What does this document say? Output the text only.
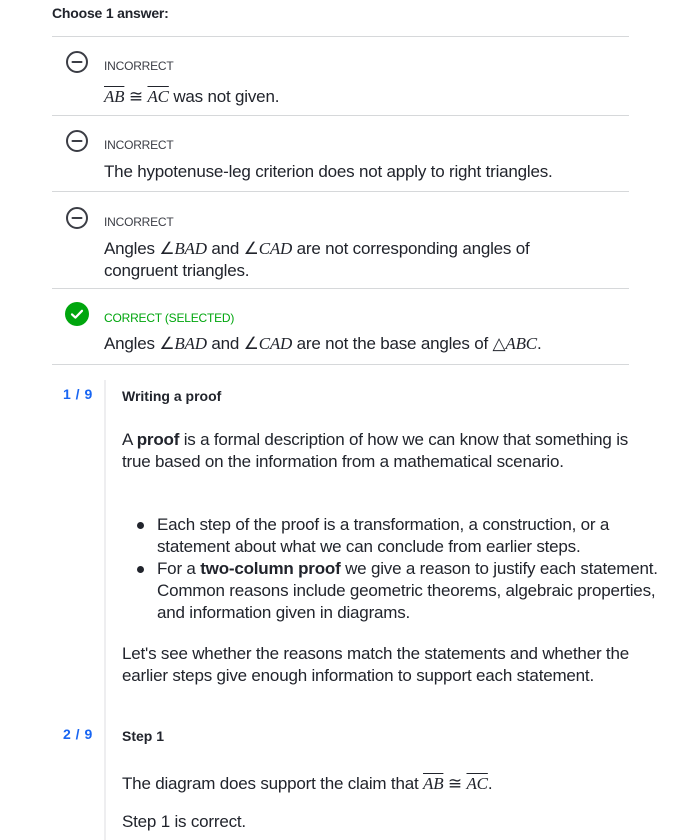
Choose 1 answer:
INCORRECT
$\overline{AB}$ ≅ $\overline{AC}$ was not given.
INCORRECT
The hypotenuse-leg criterion does not apply to right triangles.
INCORRECT
Angles ∠BAD and ∠CAD are not corresponding angles of congruent triangles.
CORRECT (SELECTED)
Angles ∠BAD and ∠CAD are not the base angles of △ABC.
1 / 9 Writing a proof
A proof is a formal description of how we can know that something is true based on the information from a mathematical scenario.
Each step of the proof is a transformation, a construction, or a statement about what we can conclude from earlier steps.
For a two-column proof we give a reason to justify each statement. Common reasons include geometric theorems, algebraic properties, and information given in diagrams.
Let's see whether the reasons match the statements and whether the earlier steps give enough information to support each statement.
2 / 9 Step 1
The diagram does support the claim that $\overline{AB}$ ≅ $\overline{AC}$.
Step 1 is correct.
